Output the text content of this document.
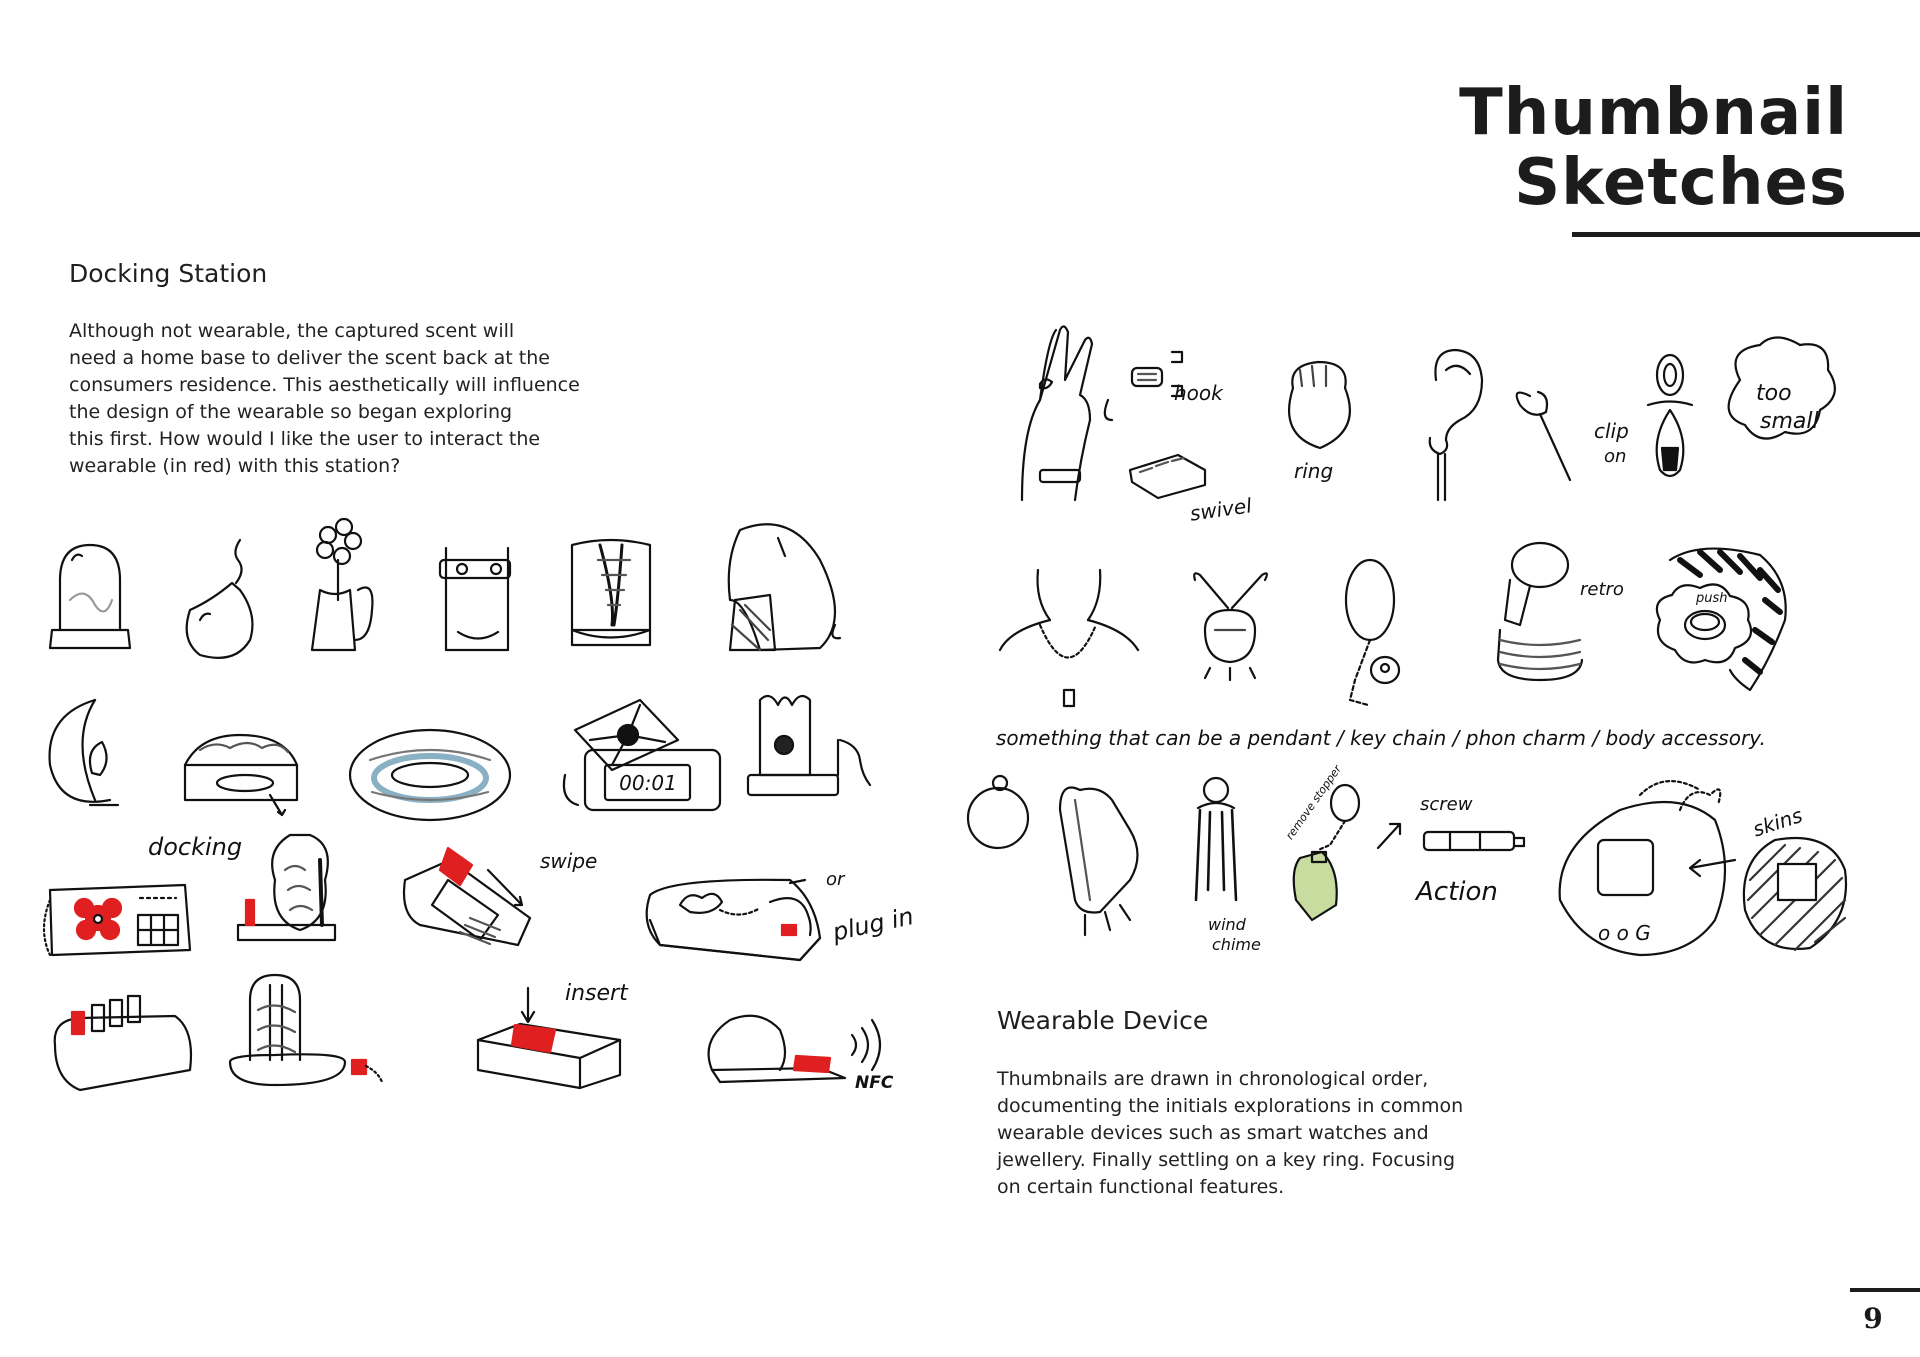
Thumbnail
Sketches
Docking Station
Although not wearable, the captured scent will
need a home base to deliver the scent back at the
consumers residence. This aesthetically will influence
the design of the wearable so began exploring
this first. How would I like the user to interact the
wearable (in red) with this station?
Wearable Device
Thumbnails are drawn in chronological order,
documenting the initials explorations in common
wearable devices such as smart watches and
jewellery. Finally settling on a key ring. Focusing
on certain functional features.
9
00:01
docking	swipe
or
plug in
insert
NFC
hook
swivel
ring
clip
on
too
small
retro	push
something that can be a pendant / key chain / phon charm / body accessory.
wind
chime
remove stopper	screw
Action
o o G
skins
